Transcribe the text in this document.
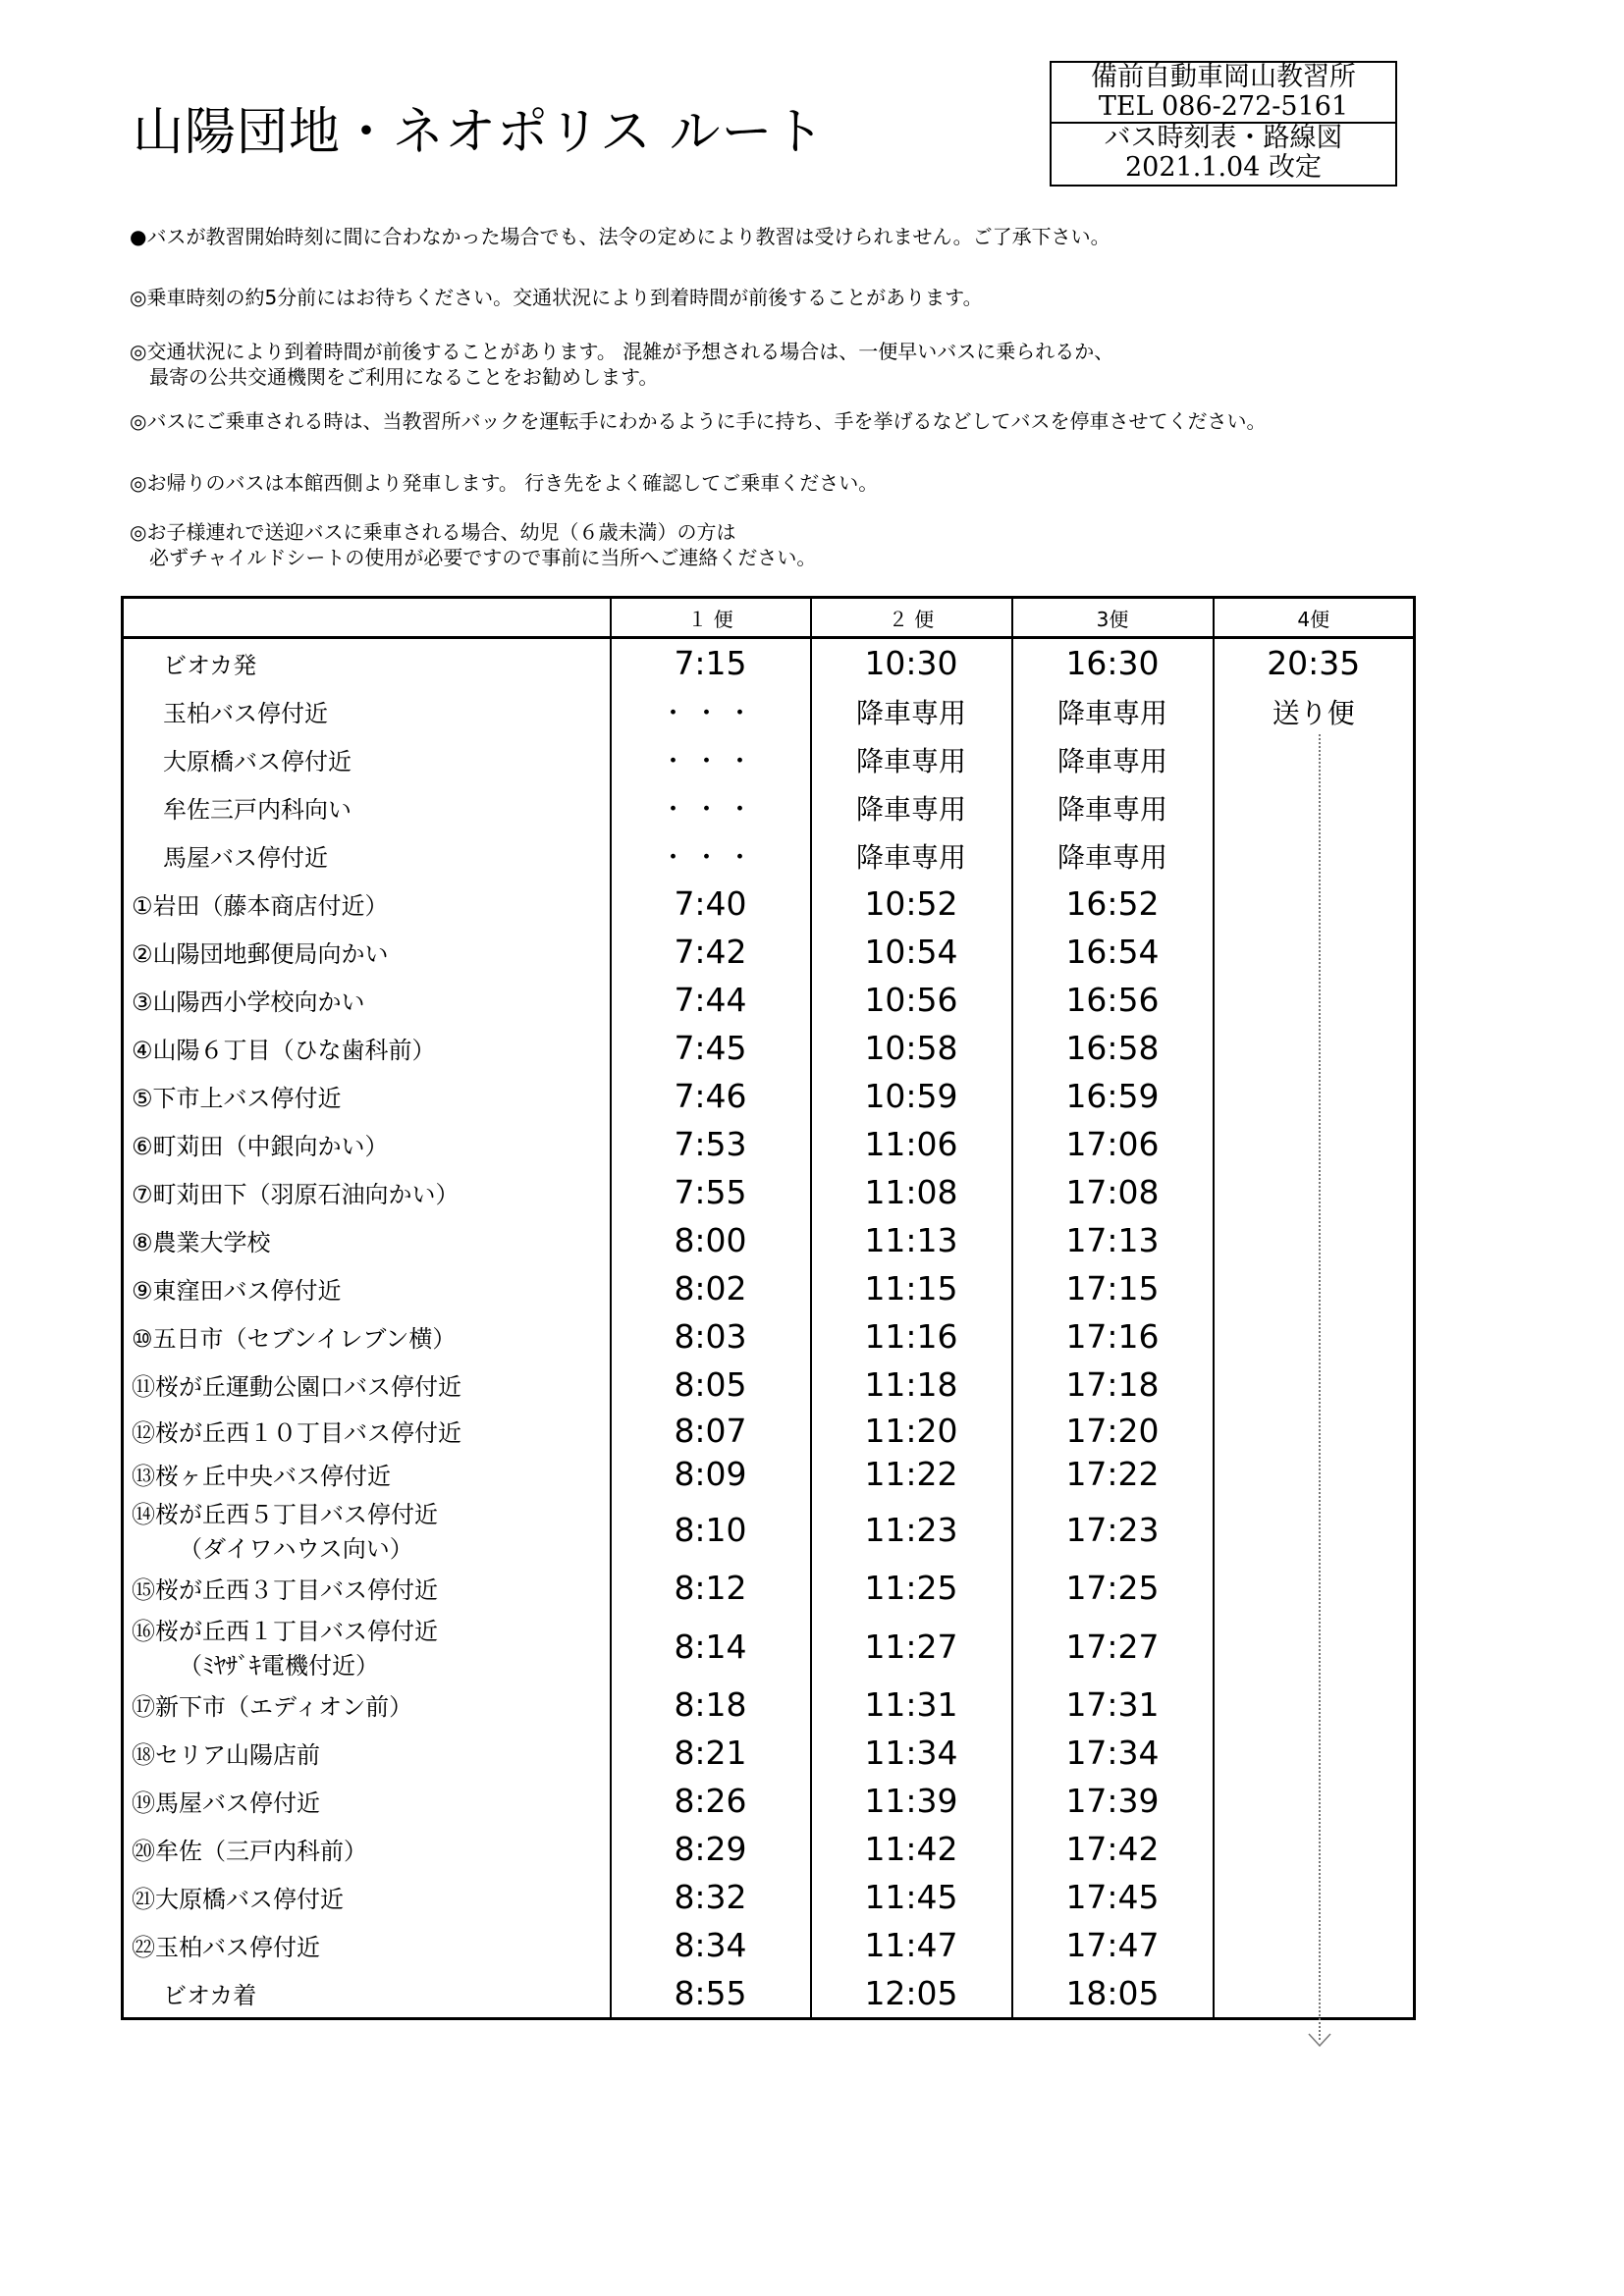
山陽団地・ネオポリス ルート
備前自動車岡山教習所
TEL 086-272-5161
バス時刻表・路線図
2021.1.04 改定
●バスが教習開始時刻に間に合わなかった場合でも、法令の定めにより教習は受けられません。ご了承下さい。
◎乗車時刻の約5分前にはお待ちください。交通状況により到着時間が前後することがあります。
◎交通状況により到着時間が前後することがあります。 混雑が予想される場合は、一便早いバスに乗られるか、
　最寄の公共交通機関をご利用になることをお勧めします。
◎バスにご乗車される時は、当教習所バックを運転手にわかるように手に持ち、手を挙げるなどしてバスを停車させてください。
◎お帰りのバスは本館西側より発車します。 行き先をよく確認してご乗車ください。
◎お子様連れで送迎バスに乗車される場合、幼児（６歳未満）の方は
　必ずチャイルドシートの使用が必要ですので事前に当所へご連絡ください。
	１ 便	２ 便	3便	4便
ビオカ発	7:15	10:30	16:30	20:35
玉柏バス停付近	・・・	降車専用	降車専用	送り便
大原橋バス停付近	・・・	降車専用	降車専用	
牟佐三戸内科向い	・・・	降車専用	降車専用	
馬屋バス停付近	・・・	降車専用	降車専用	
①岩田（藤本商店付近）	7:40	10:52	16:52	
②山陽団地郵便局向かい	7:42	10:54	16:54	
③山陽西小学校向かい	7:44	10:56	16:56	
④山陽６丁目（ひな歯科前）	7:45	10:58	16:58	
⑤下市上バス停付近	7:46	10:59	16:59	
⑥町苅田（中銀向かい）	7:53	11:06	17:06	
⑦町苅田下（羽原石油向かい）	7:55	11:08	17:08	
⑧農業大学校	8:00	11:13	17:13	
⑨東窪田バス停付近	8:02	11:15	17:15	
⑩五日市（セブンイレブン横）	8:03	11:16	17:16	
⑪桜が丘運動公園口バス停付近	8:05	11:18	17:18	
⑫桜が丘西１０丁目バス停付近	8:07	11:20	17:20	
⑬桜ヶ丘中央バス停付近	8:09	11:22	17:22	
⑭桜が丘西５丁目バス停付近
（ダイワハウス向い）	8:10	11:23	17:23	
⑮桜が丘西３丁目バス停付近	8:12	11:25	17:25	
⑯桜が丘西１丁目バス停付近
（ﾐﾔｻﾞｷ電機付近）	8:14	11:27	17:27	
⑰新下市（エディオン前）	8:18	11:31	17:31	
⑱セリア山陽店前	8:21	11:34	17:34	
⑲馬屋バス停付近	8:26	11:39	17:39	
⑳牟佐（三戸内科前）	8:29	11:42	17:42	
㉑大原橋バス停付近	8:32	11:45	17:45	
㉒玉柏バス停付近	8:34	11:47	17:47	
ビオカ着	8:55	12:05	18:05	
